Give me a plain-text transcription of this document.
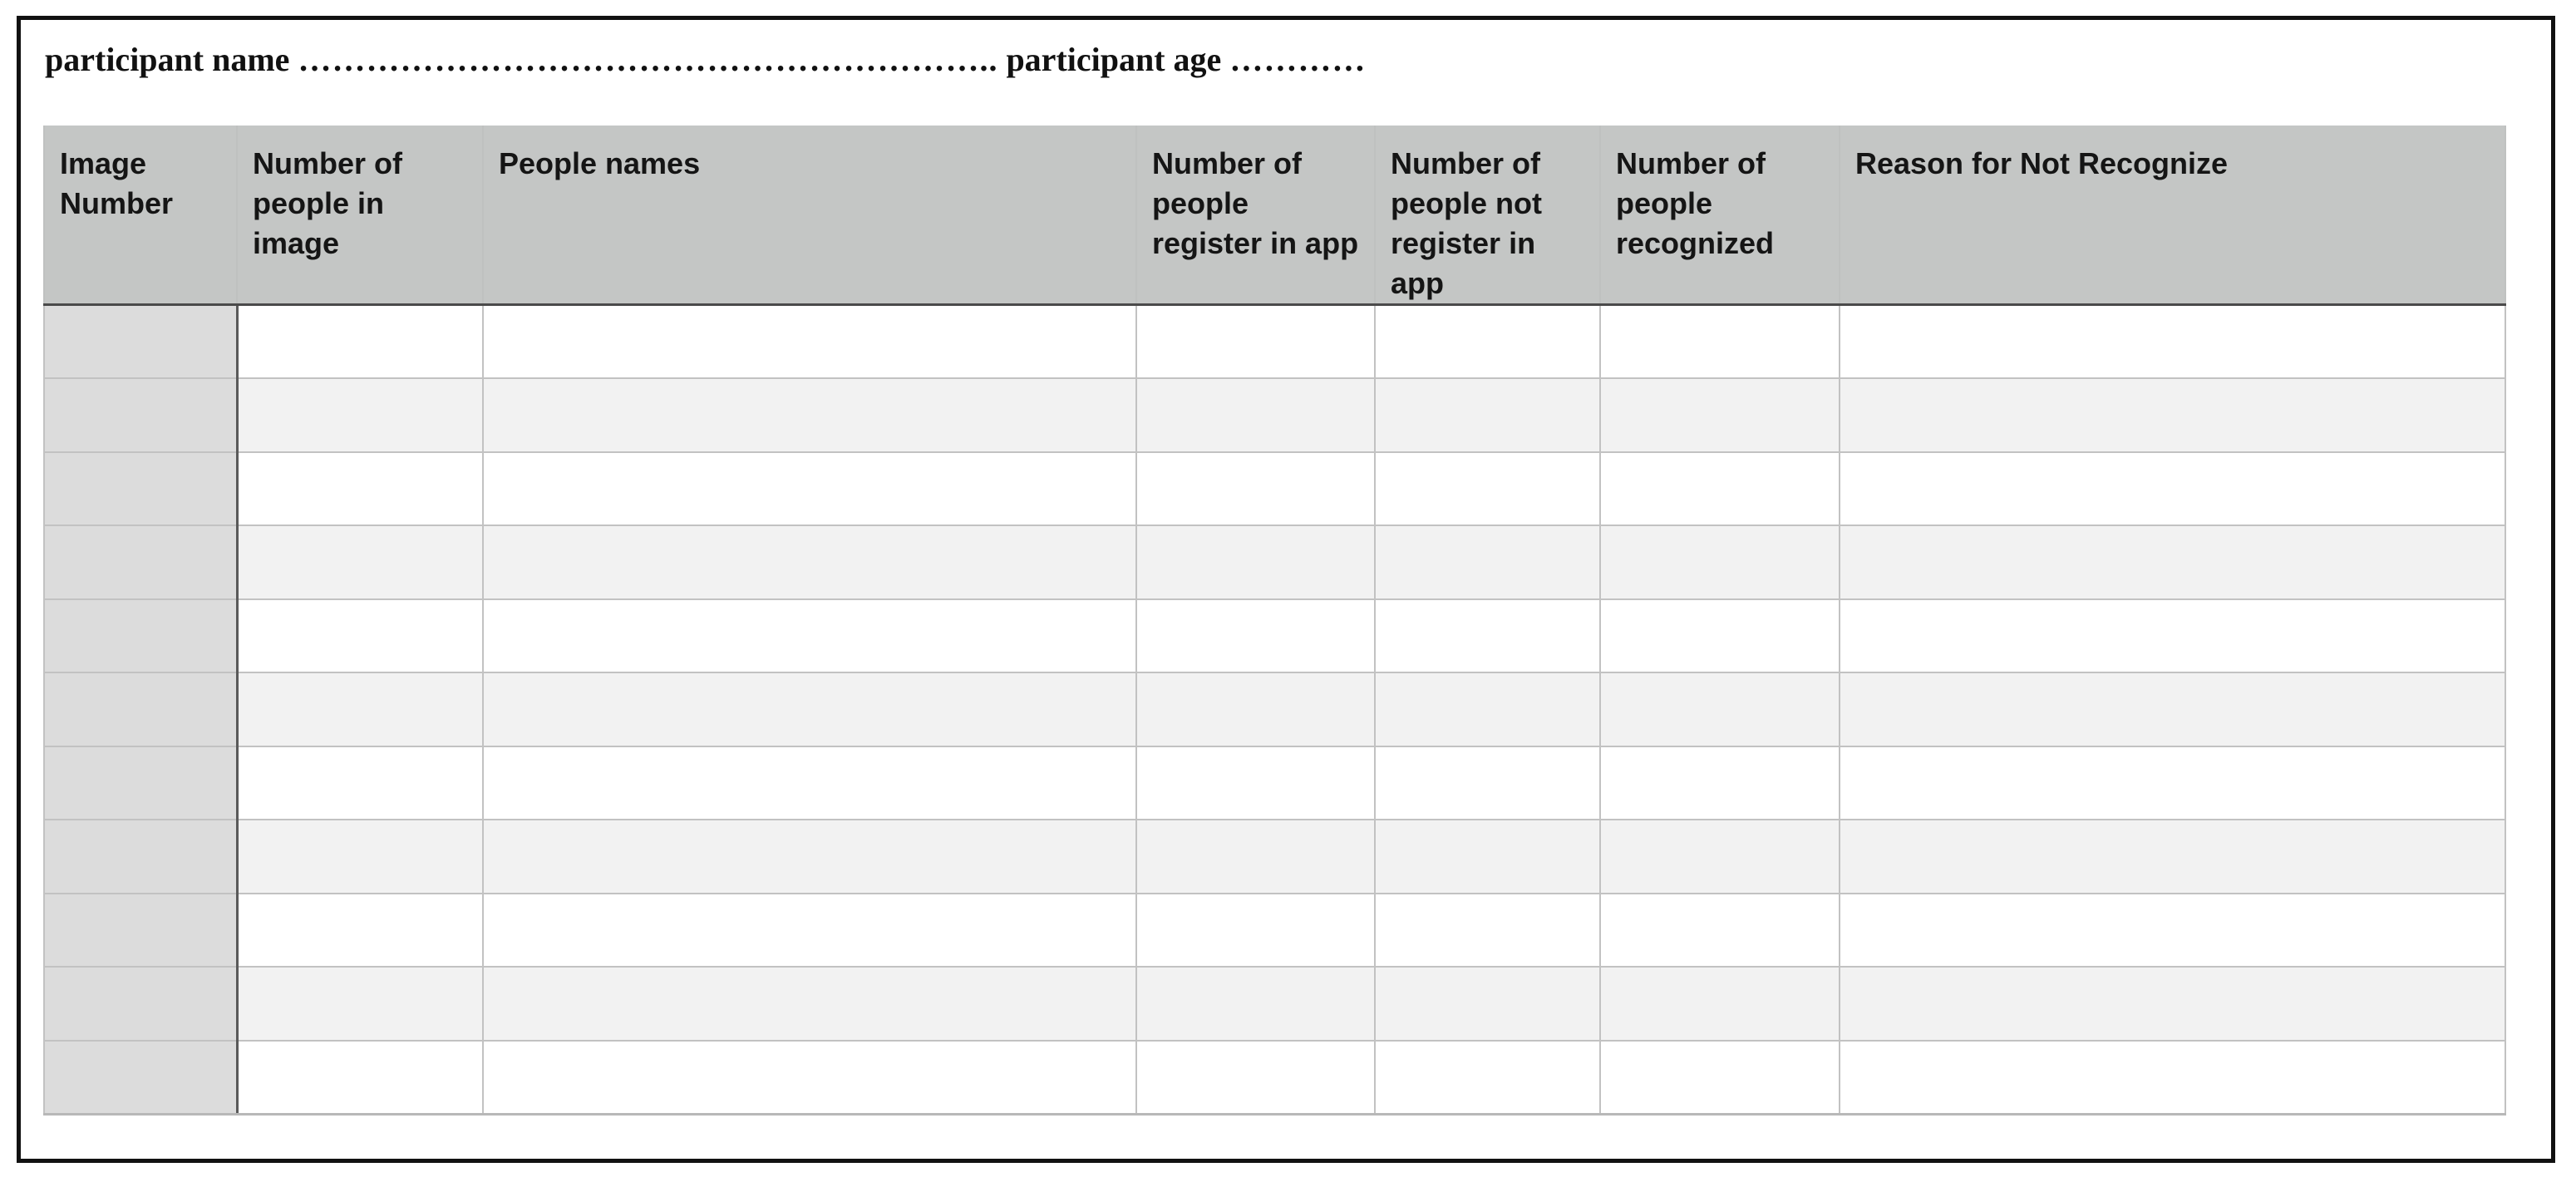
participant name …………………………………………………….. participant age …………
Image Number	Number of people in image	People names	Number of people register in app	Number of people not register in app	Number of people recognized	Reason for Not Recognize
